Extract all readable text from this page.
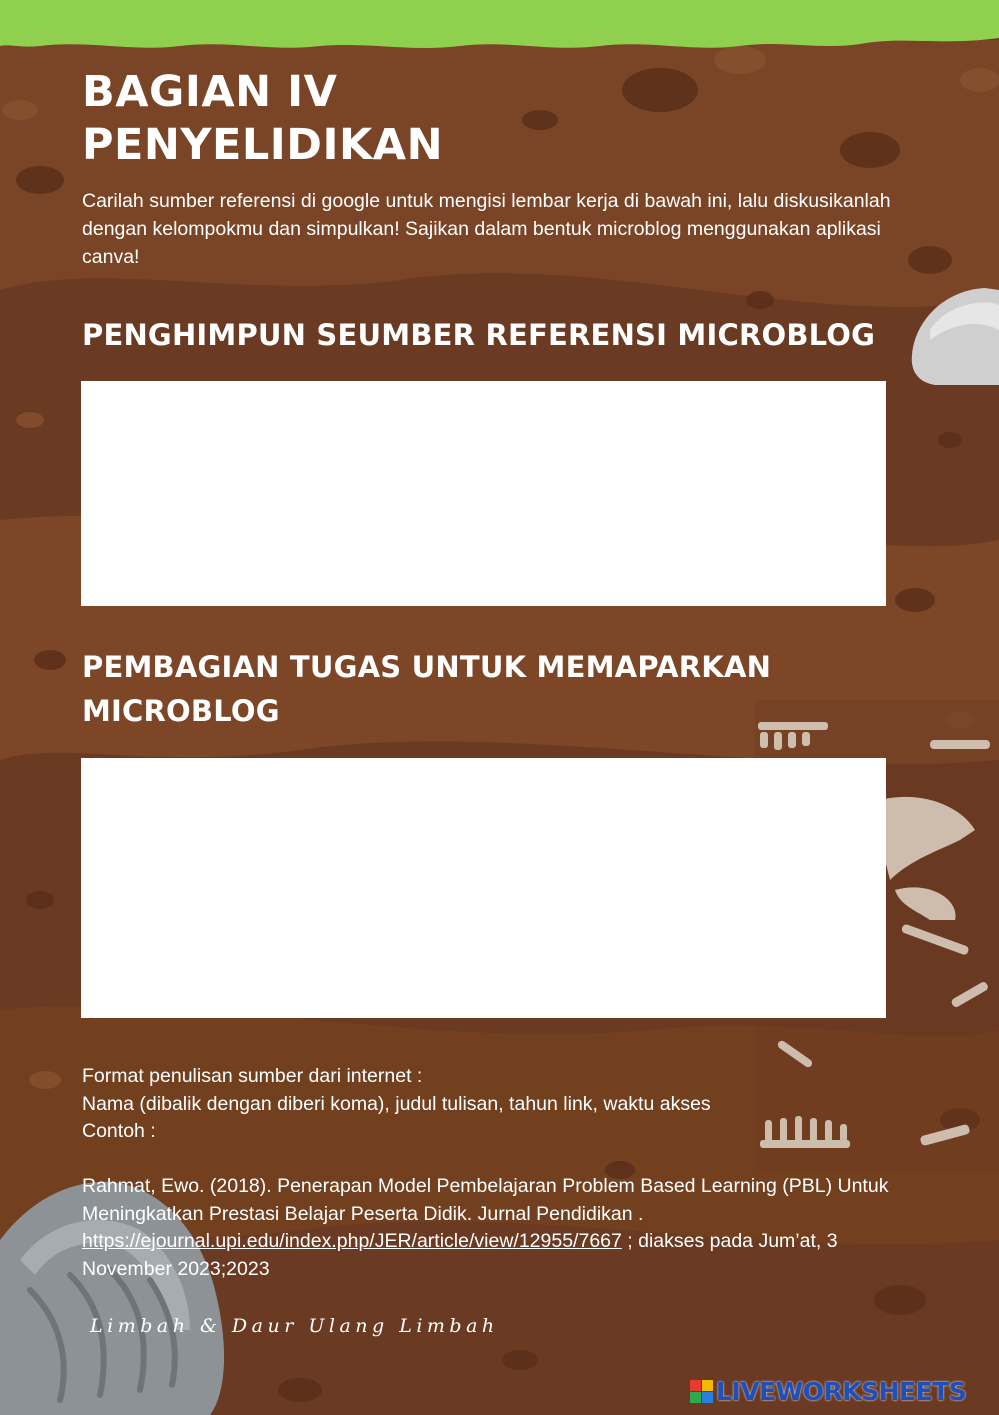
BAGIAN IV
PENYELIDIKAN

Carilah sumber referensi di google untuk mengisi lembar kerja di bawah ini, lalu diskusikanlah dengan kelompokmu dan simpulkan! Sajikan dalam bentuk microblog menggunakan aplikasi canva!

PENGHIMPUN SEUMBER REFERENSI MICROBLOG
PEMBAGIAN TUGAS UNTUK MEMAPARKAN MICROBLOG

Format penulisan sumber dari internet :

Nama (dibalik dengan diberi koma), judul tulisan, tahun link, waktu akses

Contoh :

Rahmat, Ewo. (2018). Penerapan Model Pembelajaran Problem Based Learning (PBL) Untuk Meningkatkan Prestasi Belajar Peserta Didik. Jurnal Pendidikan . https://ejournal.upi.edu/index.php/JER/article/view/12955/7667 ; diakses pada Jum’at, 3 November 2023;2023

Limbah & Daur Ulang Limbah
LIVEWORKSHEETS
